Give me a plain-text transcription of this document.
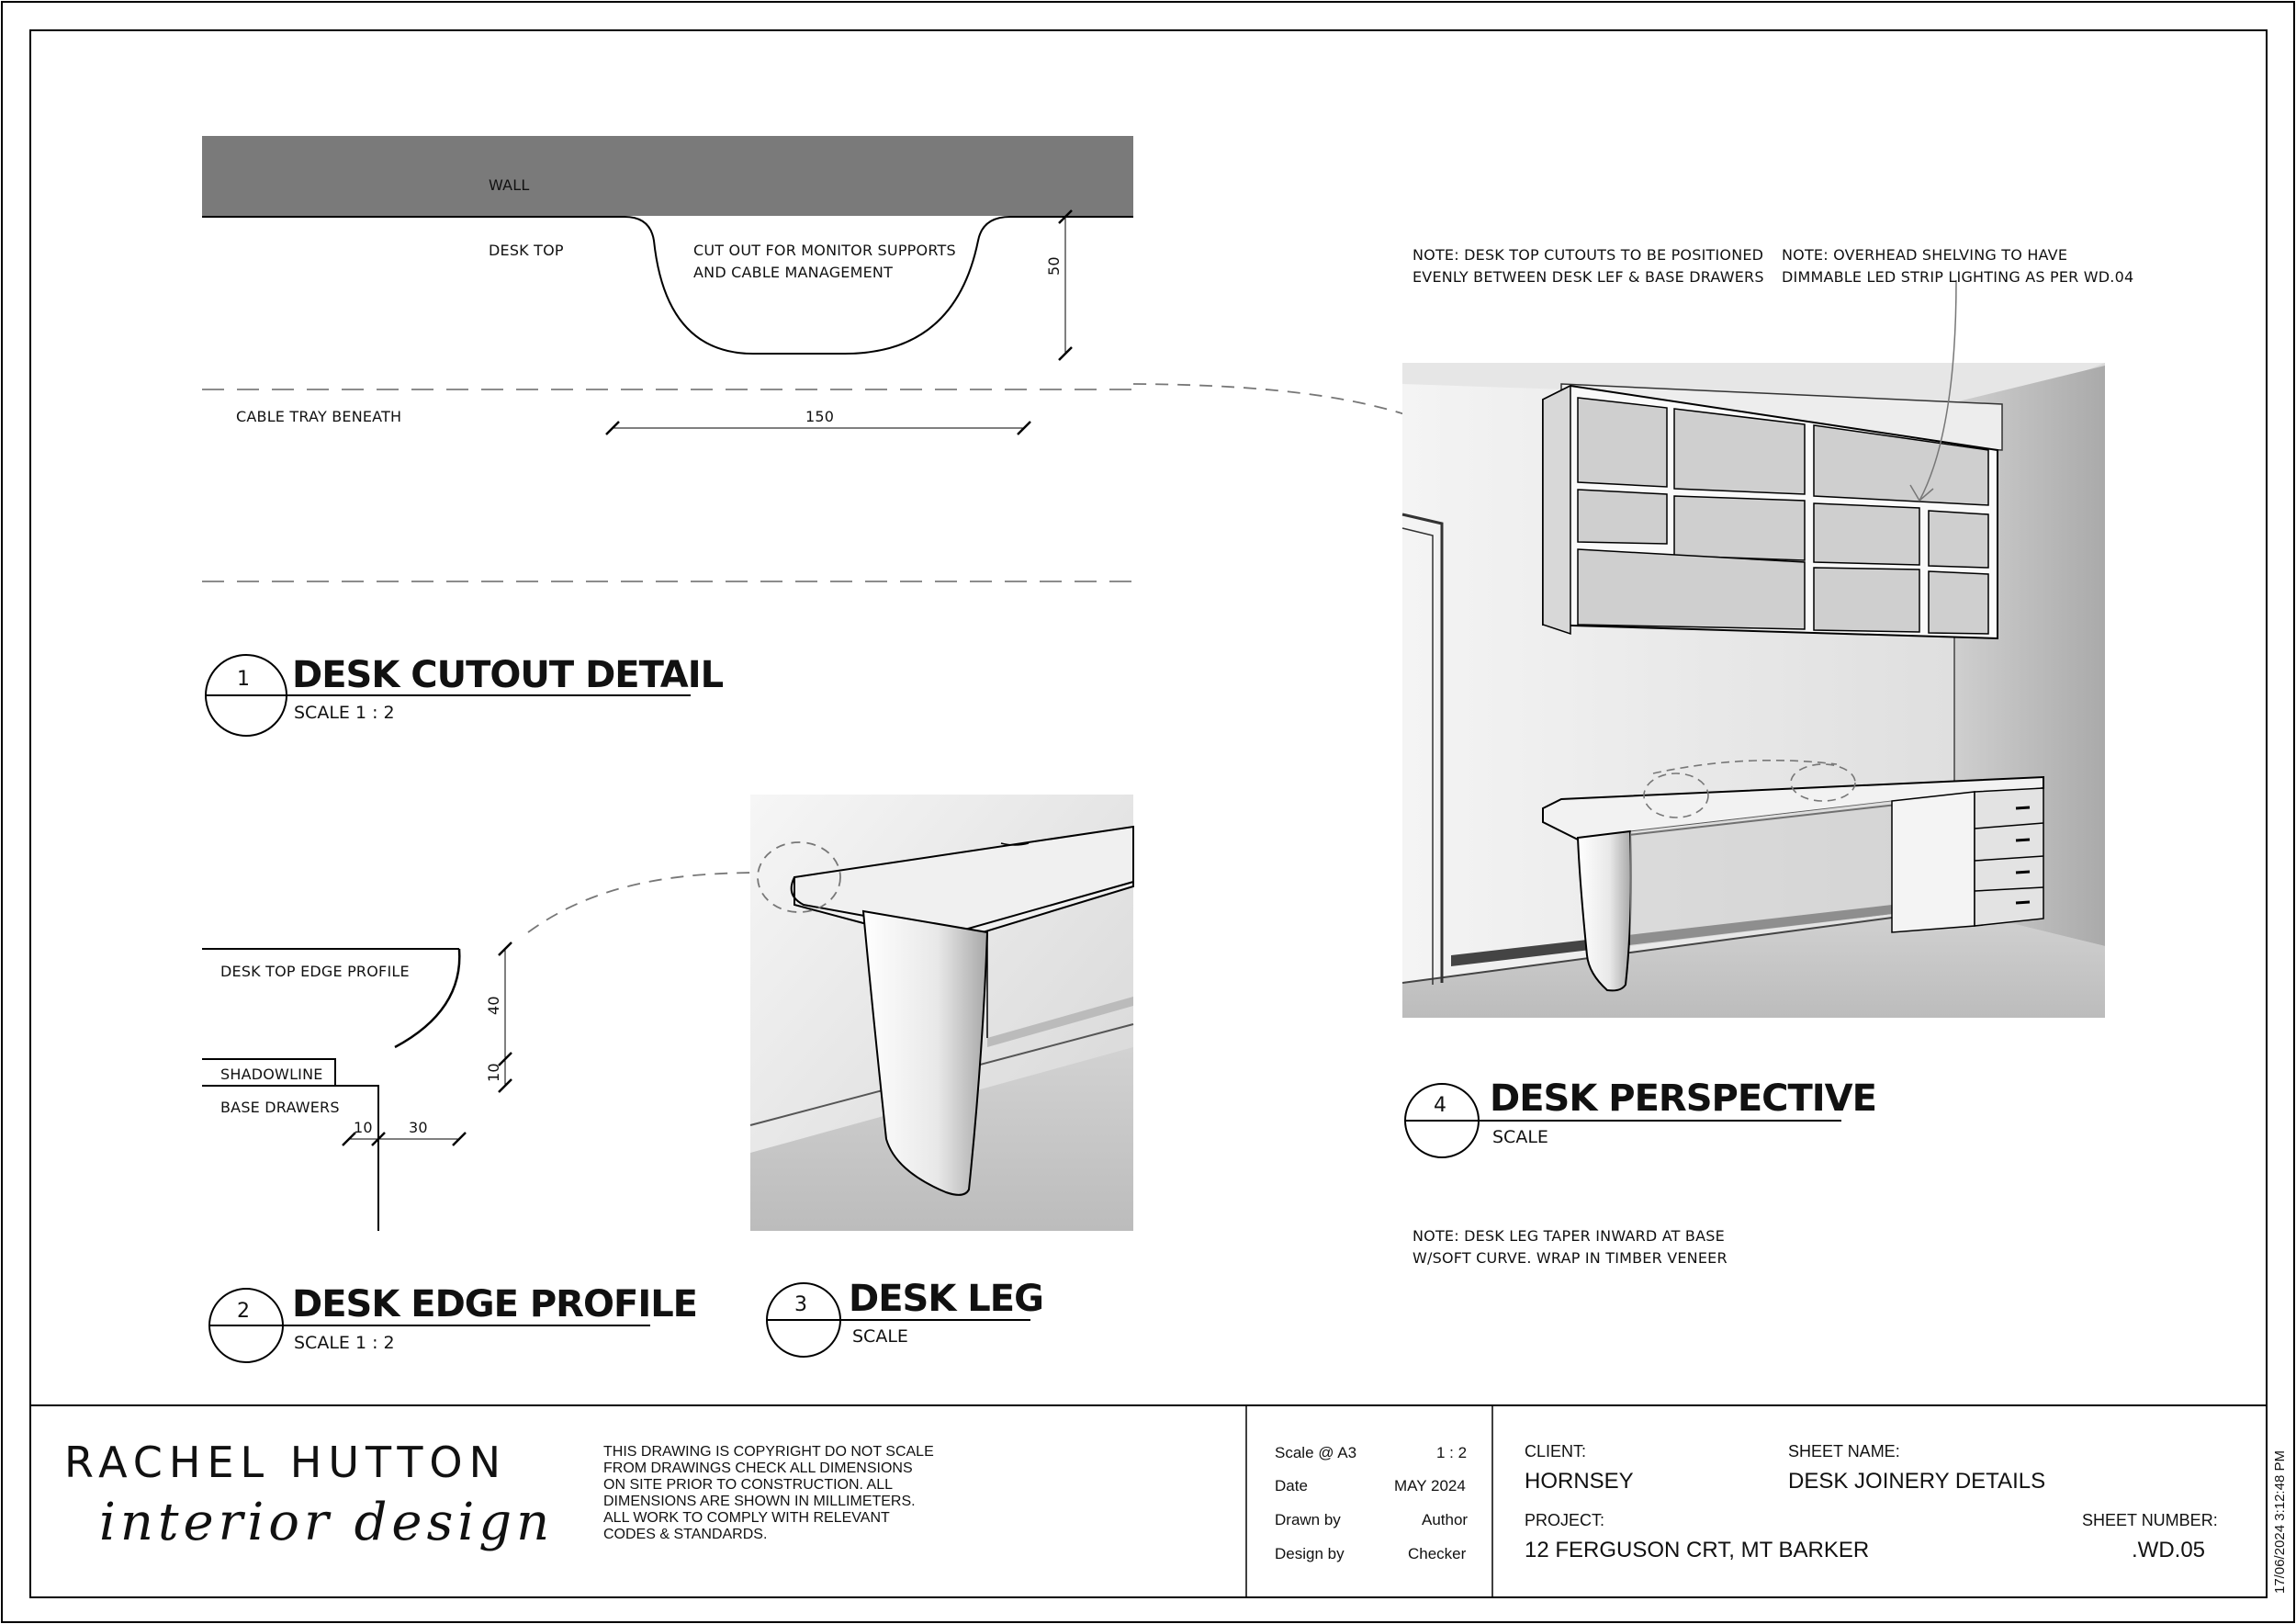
WALL
DESK TOP	CUT OUT FOR MONITOR SUPPORTS
AND CABLE MANAGEMENT	50
CABLE TRAY BENEATH	150
1 DESK CUTOUT DETAIL
SCALE 1 : 2
DESK TOP EDGE PROFILE
SHADOWLINE
BASE DRAWERS
40
10
10 30
2 DESK EDGE PROFILE
SCALE 1 : 2
3 DESK LEG
SCALE
NOTE: DESK TOP CUTOUTS TO BE POSITIONED
EVENLY BETWEEN DESK LEF & BASE DRAWERS
NOTE: OVERHEAD SHELVING TO HAVE
DIMMABLE LED STRIP LIGHTING AS PER WD.04
4 DESK PERSPECTIVE
SCALE
NOTE: DESK LEG TAPER INWARD AT BASE
W/SOFT CURVE. WRAP IN TIMBER VENEER
RACHEL HUTTON
interior design
THIS DRAWING IS COPYRIGHT DO NOT SCALE FROM DRAWINGS CHECK ALL DIMENSIONS ON SITE PRIOR TO CONSTRUCTION. ALL DIMENSIONS ARE SHOWN IN MILLIMETERS. ALL WORK TO COMPLY WITH RELEVANT CODES & STANDARDS.
Scale @ A3	1 : 2
Date	MAY 2024
Drawn by	Author
Design by	Checker
CLIENT:
HORNSEY
SHEET NAME:
DESK JOINERY DETAILS
PROJECT:
12 FERGUSON CRT, MT BARKER
SHEET NUMBER:
.WD.05	17/06/2024 3:12:48 PM
